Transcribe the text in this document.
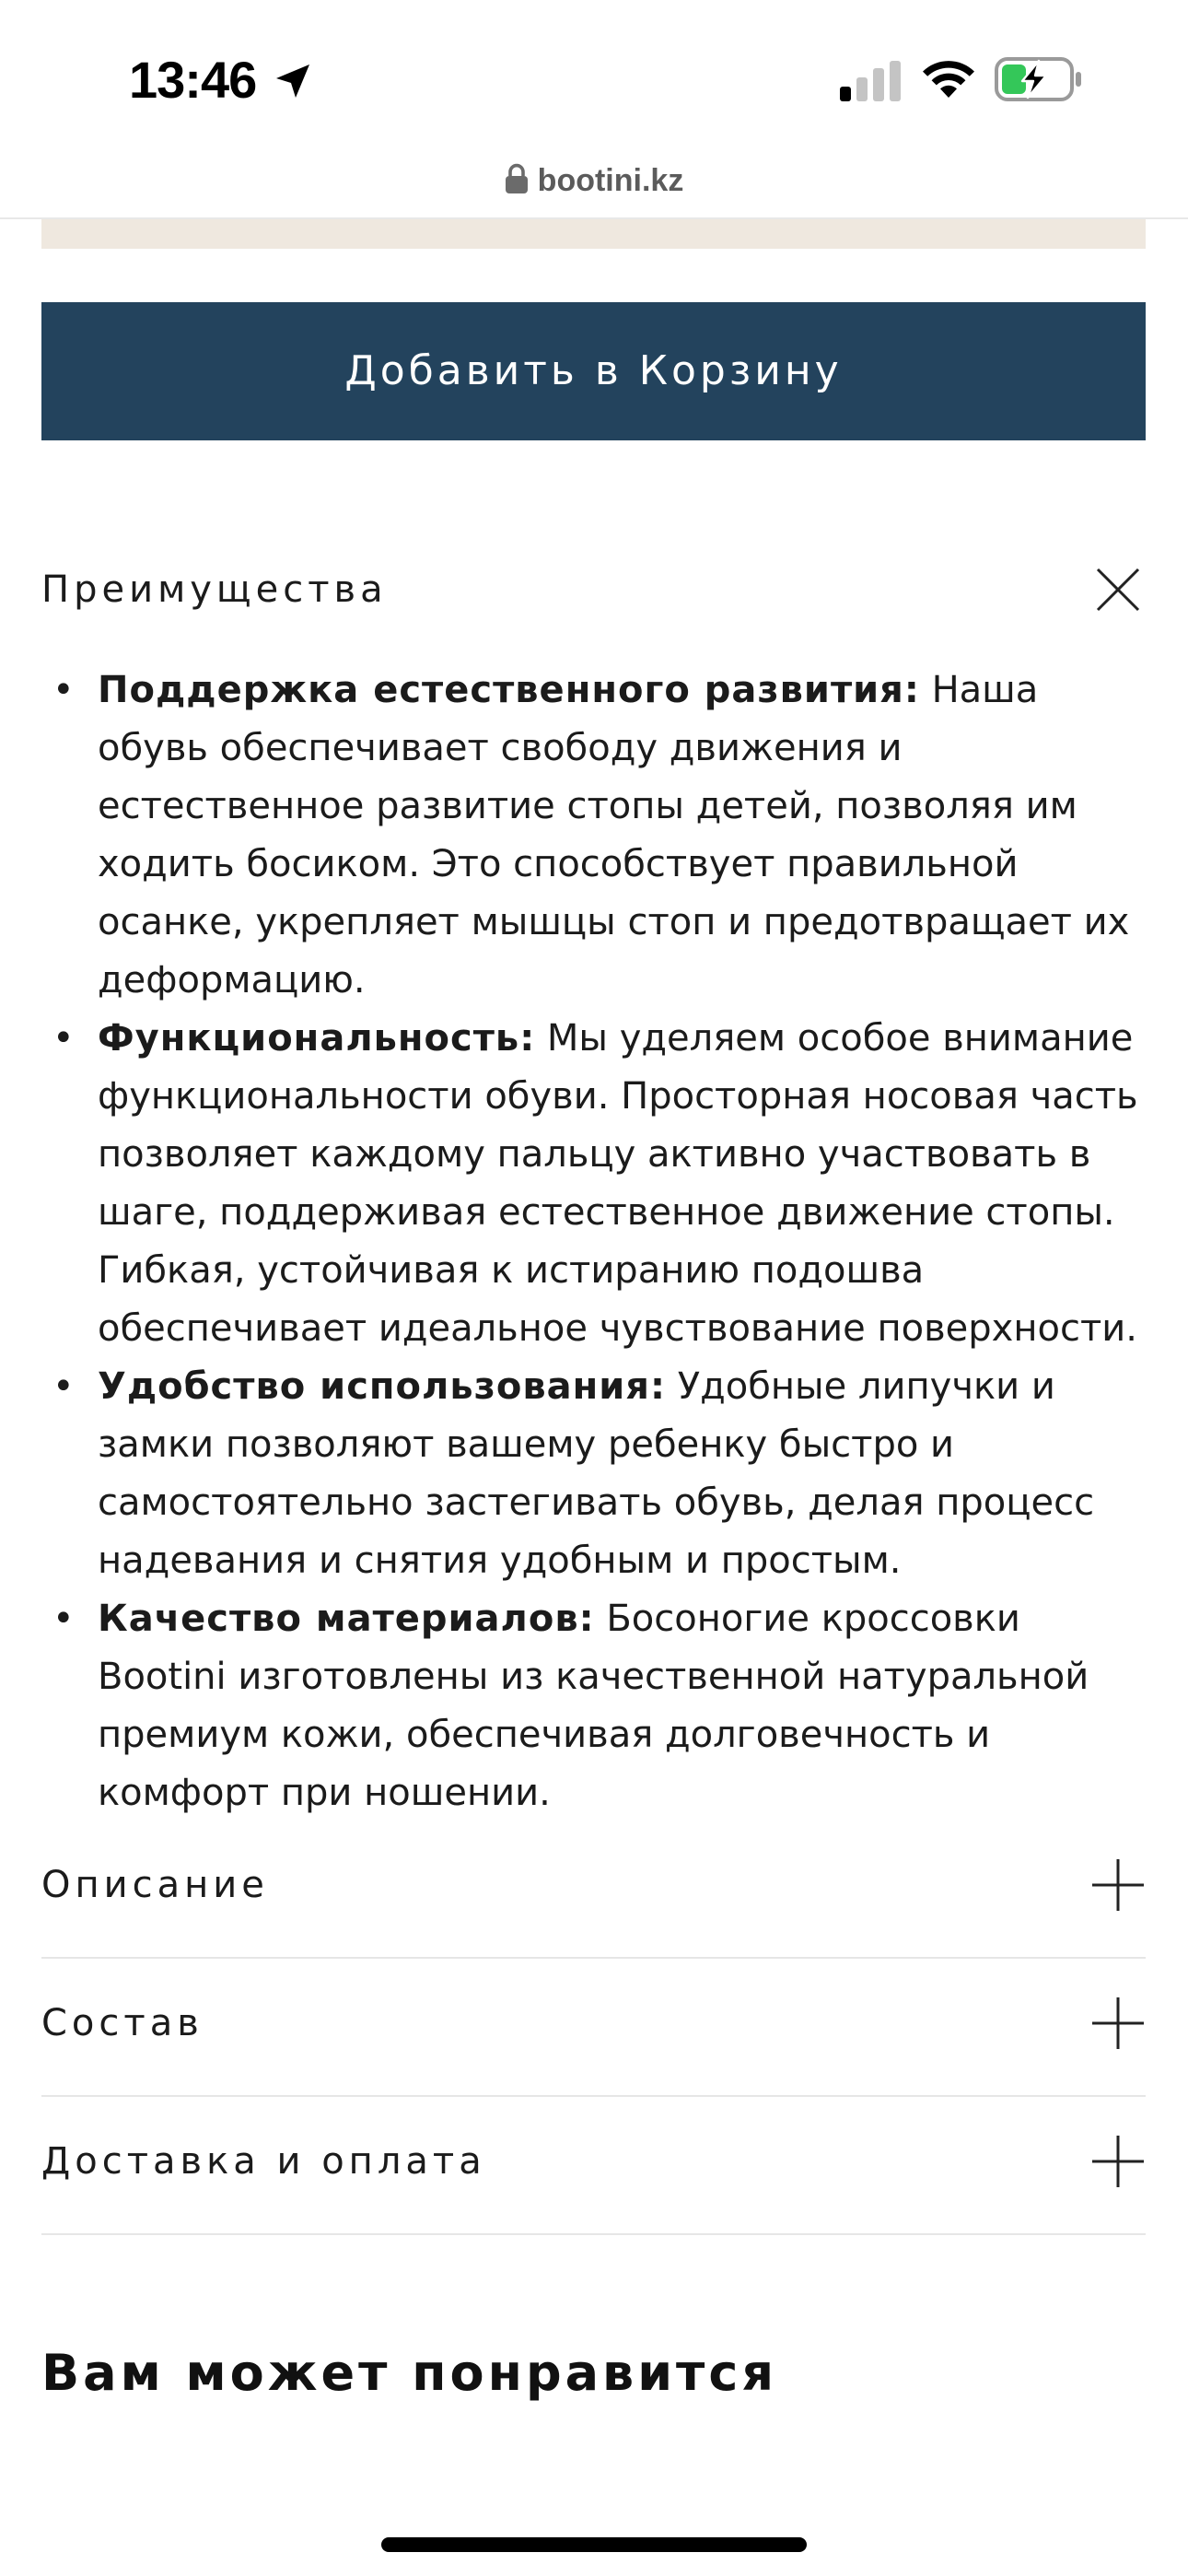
13:46
bootini.kz
Добавить в Корзину
Преимущества
• Поддержка естественного развития: Наша обувь обеспечивает свободу движения и естественное развитие стопы детей, позволяя им ходить босиком. Это способствует правильной осанке, укрепляет мышцы стоп и предотвращает их деформацию.
• Функциональность: Мы уделяем особое внимание функциональности обуви. Просторная носовая часть позволяет каждому пальцу активно участвовать в шаге, поддерживая естественное движение стопы. Гибкая, устойчивая к истиранию подошва обеспечивает идеальное чувствование поверхности.
• Удобство использования: Удобные липучки и замки позволяют вашему ребенку быстро и самостоятельно застегивать обувь, делая процесс надевания и снятия удобным и простым.
• Качество материалов: Босоногие кроссовки Bootini изготовлены из качественной натуральной премиум кожи, обеспечивая долговечность и комфорт при ношении.
Описание
Состав
Доставка и оплата
Вам может понравится
